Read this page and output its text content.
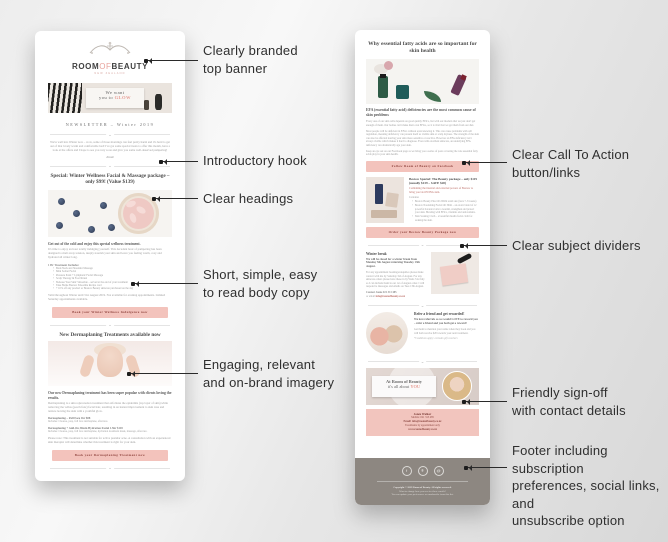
ROOMOFBEAUTY
NEW ZEALAND
We want
you to GLOW
NEWSLETTER – Winter 2019
⌄
We're well into Winter now – wow, some of those mornings can feel pretty harsh and it's hard to get out of that lovely warm and comfortable bed! I've got some special treats to offer this month, have a look at the offers and I hope to see you very soon and give you some well-deserved pampering!
Jonée
⌄
Special: Winter Wellness Facial & Massage package – only $99! (Value $139)
Get out of the cold and enjoy this special wellness treatment.
It's time to enjoy an hour totally indulging yourself. This decadent hour of pampering has been designed to melt away tension, deeply nourish your skin and leave you feeling warm, cosy and hydrated all winter long.
1 Hr Treatment Includes:
• Back Neck and Shoulder Massage
• Mini Sorbet Facial
• Pressure Point + Lymphatic Facial Massage
• Scalp Therapy & Foot Ritual
• 'Release Your Skin' Smoothie – served at the end of your treatment
• Take Home Bestow Smoothie Recipe card
• + 10% off any product or Bestow Beauty skincare purchased on the day
Valid throughout Winter until 31st August 2019. Not available for evening appointments. Limited Saturday appointments available.
Book your Winter Wellness Indulgence now
⌄
New Dermaplaning Treatments available now
Our new Dermaplaning treatment has been super popular with clients loving the results.
Dermaplaning is a skin rejuvenation treatment that exfoliates the epidermis (top layer of skin) while removing the vellus (peach fuzz) facial hair, resulting in an instant improvement to skin tone and texture leaving the skin with a youthful glow.
Dermaplaning – Full Face 1hr $88
Includes: Cleanse, prep, full face dermaplane, aftercare.
Dermaplaning + Add-On 30min Hydration Facial 1.5hr $118
Includes: Cleanse, prep, full face dermaplane, hydration treatment mask, massage, aftercare.
Please note: This treatment is not suitable for active pustular acne. A consultation with an experienced skin therapist will determine whether this treatment is right for your skin.
Book your Dermaplaning Treatment now
⌄
Why essential fatty acids are so important for skin health
EFA (essential fatty acid) deficiencies are the most common cause of skin problems
Every one of our skin cells depends on good quality EFA's, but with our modern diet we just don't get enough of them. Our bodies can't make their own EFA's, so it is vital that we get them from our diet.
Most people will be deficient in EFA's without even knowing it. This can cause problems with cell regulation, meaning deficiency can present itself as visible skin or scalp dryness. The strength of the skin can also be affected leaving your skin more sensitive or reactive. However an EFA deficiency isn't always visible which makes it hard to diagnose. Even with excellent skincare, an underlying EFA deficiency can dramatically age your skin.
Keep an eye out on our Facebook page as we bring you a series of posts covering the role essential fatty acids play in your skin health.
Follow Room of Beauty on Facebook
Bestow Special: The Beauty package – only $119 (usually $139 – SAVE $20)
Combining the internal and external powers of Bestow to bring you GLOWING skin.
Contains:
• Bestow Beauty Plus Oil 200ml retail size (lasts 7–8 weeks)
• Bestow Nourishing Facial Oil 30ml – an exotic blend of 12 powerful botanical oils to nourish, strengthen and protect your skin. Bursting with EFA's, vitamins and antioxidants.
• Skin Soaking Cloth – a beautiful muslin facial cloth for soaking the skin.
Order your Bestow Beauty Package now
⌄
Winter break
We will be closed for a winter break from Monday 5th August returning Tuesday 13th August.
For any appointment bookings/enquiries please make contact with me by Saturday 3rd of August. For any skincare orders please have these in by Weds 31st July so I can include them in our 1st of August order. I will respond to messages and emails on Tues 13th August.
Contact Jonée 021 313 485
or email info@roomofbeauty.co.nz
⌄
Refer a friend and get rewarded!
We love referrals so we would LOVE to reward you – refer a friend and you both get a reward!
Get them to mention your name when they book and you will both receive $20 towards your next treatment.
*Conditions apply: excludes gift vouchers
⌄
At Room of Beauty
it's all about YOU
Jonée Walker
Mobile: 021 313 485
Email: info@roomofbeauty.co.nz
Treatments by appointment only
www.roomofbeauty.co.nz
f	⌾	@
Copyright © 2019 Room of Beauty. All rights reserved.
Want to change how you receive these emails?
You can update your preferences or unsubscribe from this list.
Clearly branded
top banner
Introductory hook
Clear headings
Short, simple, easy
to read body copy
Engaging, relevant
and on-brand imagery
Clear Call To Action
button/links
Clear subject dividers
Friendly sign-off
with contact details
Footer including subscription
preferences, social links, and
unsubscribe option
